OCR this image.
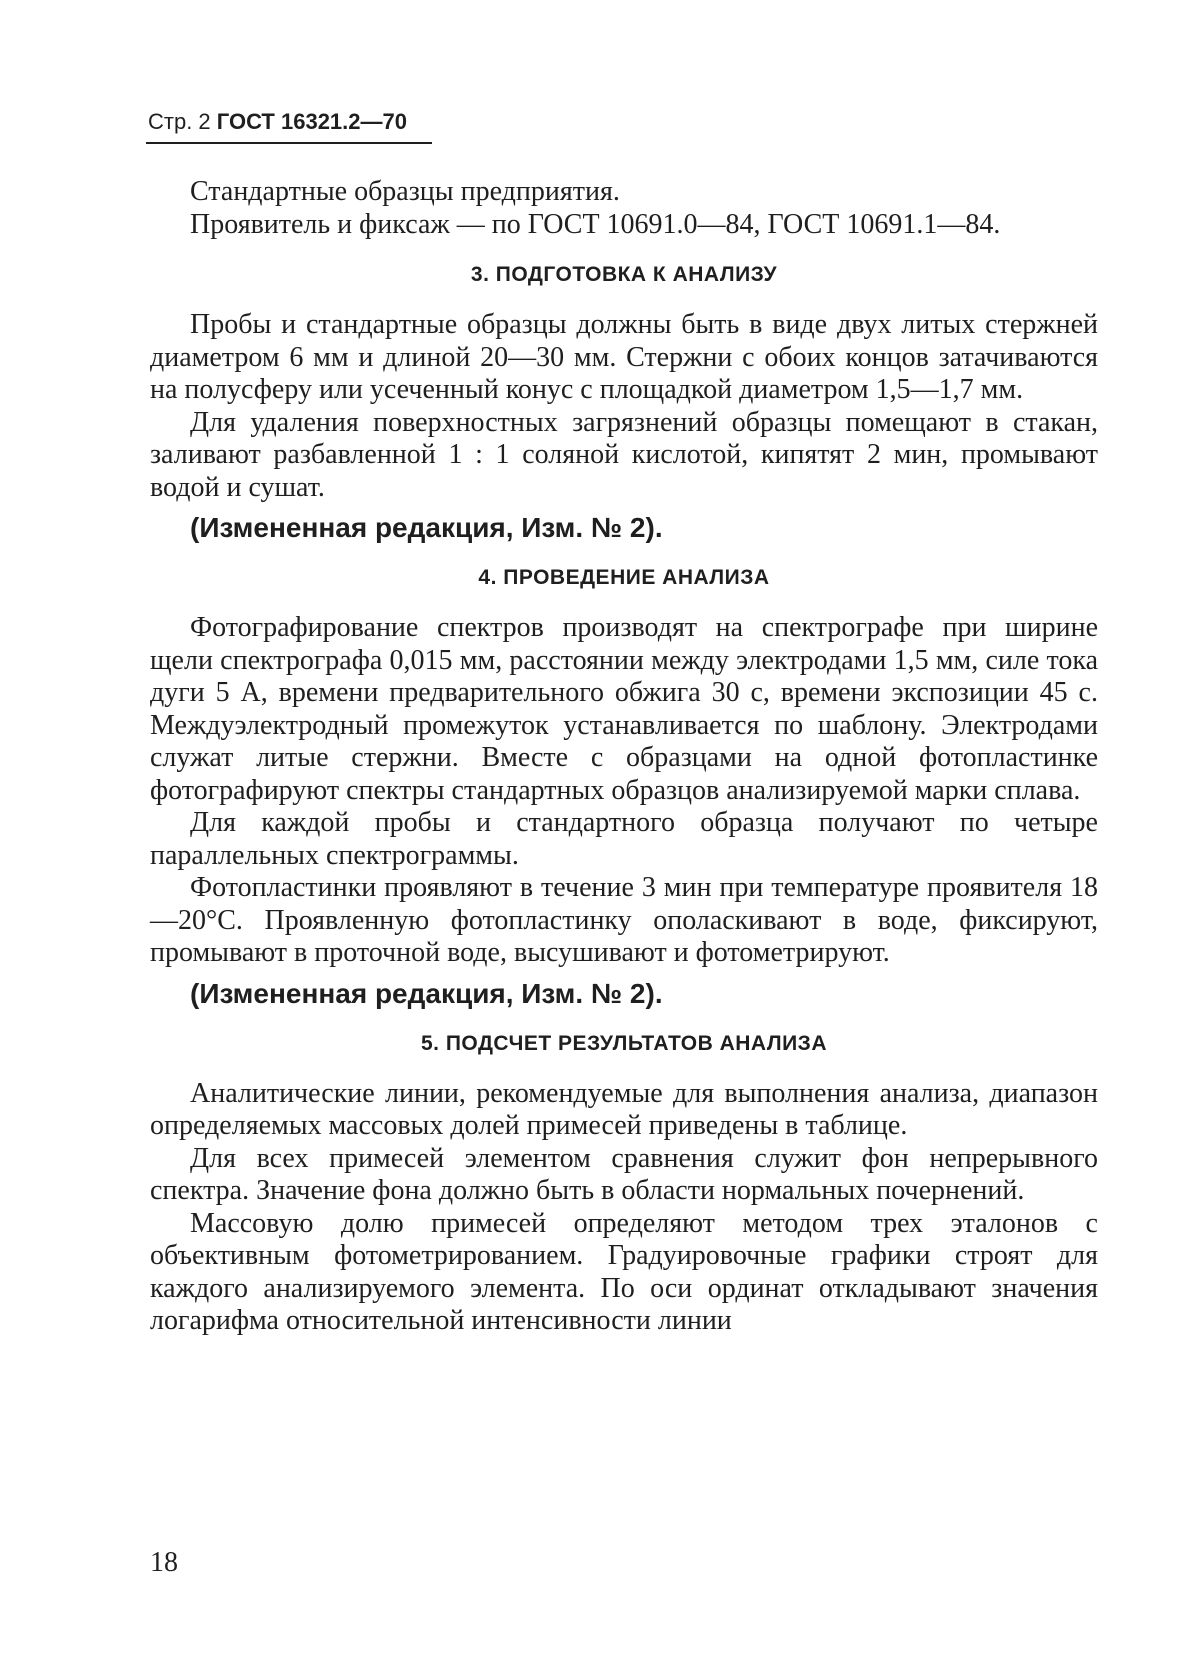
Стр. 2 ГОСТ 16321.2—70

Стандартные образцы предприятия.

Проявитель и фиксаж — по ГОСТ 10691.0—84, ГОСТ 10691.1—84.

3. ПОДГОТОВКА К АНАЛИЗУ

Пробы и стандартные образцы должны быть в виде двух литых стержней диаметром 6 мм и длиной 20—30 мм. Стержни с обоих концов затачиваются на полусферу или усеченный конус с площадкой диаметром 1,5—1,7 мм.

Для удаления поверхностных загрязнений образцы помещают в стакан, заливают разбавленной 1 : 1 соляной кислотой, кипятят 2 мин, промывают водой и сушат.

(Измененная редакция, Изм. № 2).

4. ПРОВЕДЕНИЕ АНАЛИЗА

Фотографирование спектров производят на спектрографе при ширине щели спектрографа 0,015 мм, расстоянии между электродами 1,5 мм, силе тока дуги 5 А, времени предварительного обжига 30 с, времени экспозиции 45 с. Междуэлектродный промежуток устанавливается по шаблону. Электродами служат литые стержни. Вместе с образцами на одной фотопластинке фотографируют спектры стандартных образцов анализируемой марки сплава.

Для каждой пробы и стандартного образца получают по четыре параллельных спектрограммы.

Фотопластинки проявляют в течение 3 мин при температуре проявителя 18—20°С. Проявленную фотопластинку ополаскивают в воде, фиксируют, промывают в проточной воде, высушивают и фотометрируют.

(Измененная редакция, Изм. № 2).

5. ПОДСЧЕТ РЕЗУЛЬТАТОВ АНАЛИЗА

Аналитические линии, рекомендуемые для выполнения анализа, диапазон определяемых массовых долей примесей приведены в таблице.

Для всех примесей элементом сравнения служит фон непрерывного спектра. Значение фона должно быть в области нормальных почернений.

Массовую долю примесей определяют методом трех эталонов с объективным фотометрированием. Градуировочные графики строят для каждого анализируемого элемента. По оси ординат откладывают значения логарифма относительной интенсивности линии

18
